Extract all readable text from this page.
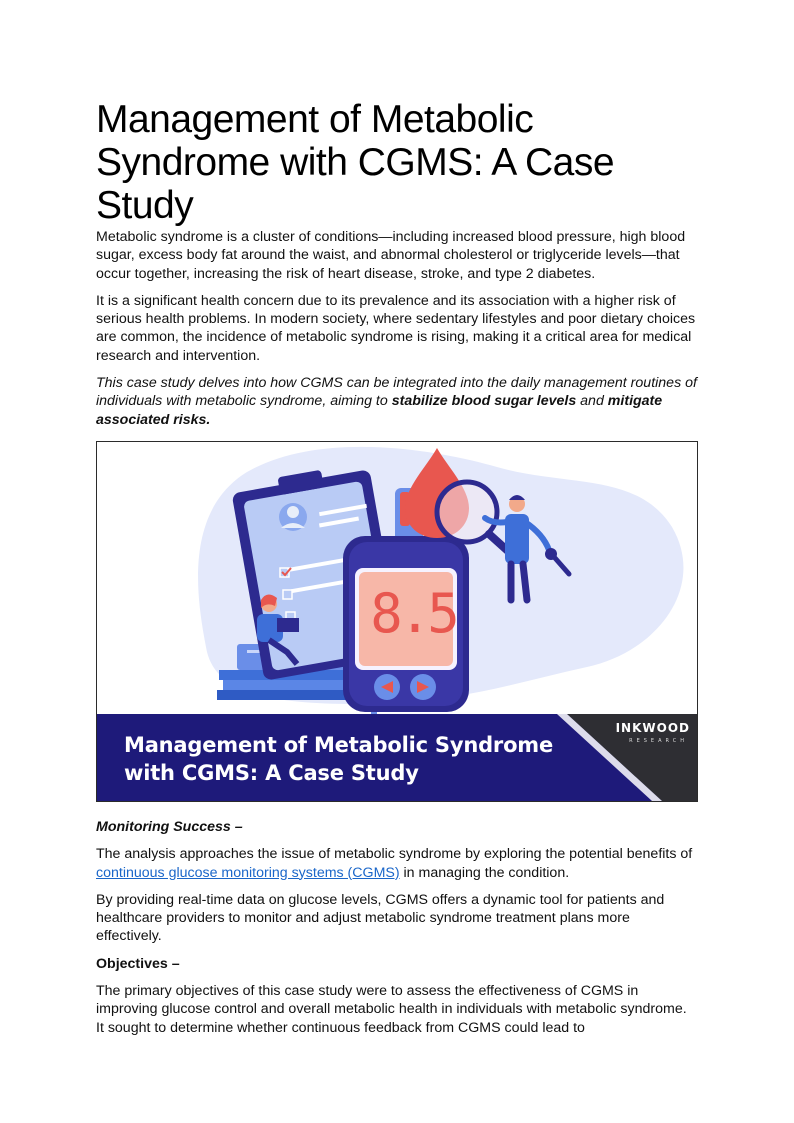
Management of Metabolic Syndrome with CGMS: A Case Study

Metabolic syndrome is a cluster of conditions—including increased blood pressure, high blood sugar, excess body fat around the waist, and abnormal cholesterol or triglyceride levels—that occur together, increasing the risk of heart disease, stroke, and type 2 diabetes.

It is a significant health concern due to its prevalence and its association with a higher risk of serious health problems. In modern society, where sedentary lifestyles and poor dietary choices are common, the incidence of metabolic syndrome is rising, making it a critical area for medical research and intervention.

This case study delves into how CGMS can be integrated into the daily management routines of individuals with metabolic syndrome, aiming to stabilize blood sugar levels and mitigate associated risks.

8.5
INKWOOD
RESEARCH
Management of Metabolic Syndrome
with CGMS: A Case Study

Monitoring Success –

The analysis approaches the issue of metabolic syndrome by exploring the potential benefits of continuous glucose monitoring systems (CGMS) in managing the condition.

By providing real-time data on glucose levels, CGMS offers a dynamic tool for patients and healthcare providers to monitor and adjust metabolic syndrome treatment plans more effectively.

Objectives –

The primary objectives of this case study were to assess the effectiveness of CGMS in improving glucose control and overall metabolic health in individuals with metabolic syndrome. It sought to determine whether continuous feedback from CGMS could lead to
